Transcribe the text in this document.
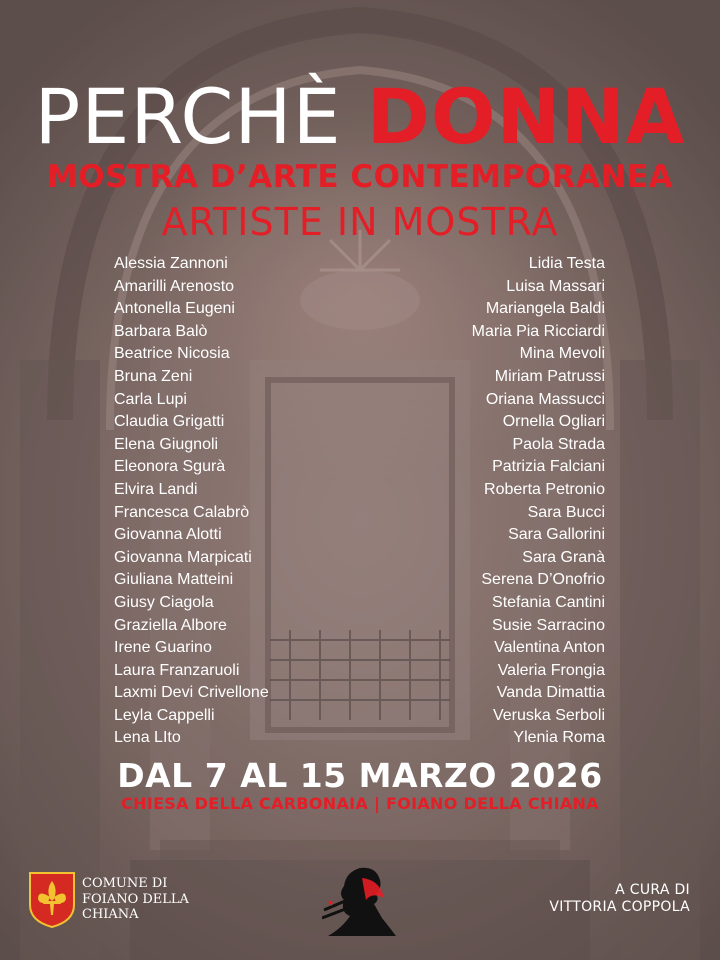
PERCHÈ DONNA
MOSTRA D’ARTE CONTEMPORANEA
ARTISTE IN MOSTRA
Alessia Zannoni
Amarilli Arenosto
Antonella Eugeni
Barbara Balò
Beatrice Nicosia
Bruna Zeni
Carla Lupi
Claudia Grigatti
Elena Giugnoli
Eleonora Sgurà
Elvira Landi
Francesca Calabrò
Giovanna Alotti
Giovanna Marpicati
Giuliana Matteini
Giusy Ciagola
Graziella Albore
Irene Guarino
Laura Franzaruoli
Laxmi Devi Crivellone
Leyla Cappelli
Lena LIto
Lidia Testa
Luisa Massari
Mariangela Baldi
Maria Pia Ricciardi
Mina Mevoli
Miriam Patrussi
Oriana Massucci
Ornella Ogliari
Paola Strada
Patrizia Falciani
Roberta Petronio
Sara Bucci
Sara Gallorini
Sara Granà
Serena D’Onofrio
Stefania Cantini
Susie Sarracino
Valentina Anton
Valeria Frongia
Vanda Dimattia
Veruska Serboli
Ylenia Roma
DAL 7 AL 15 MARZO 2026
CHIESA DELLA CARBONAIA | FOIANO DELLA CHIANA
COMUNE DI
FOIANO DELLA
CHIANA
A CURA DI
VITTORIA COPPOLA
